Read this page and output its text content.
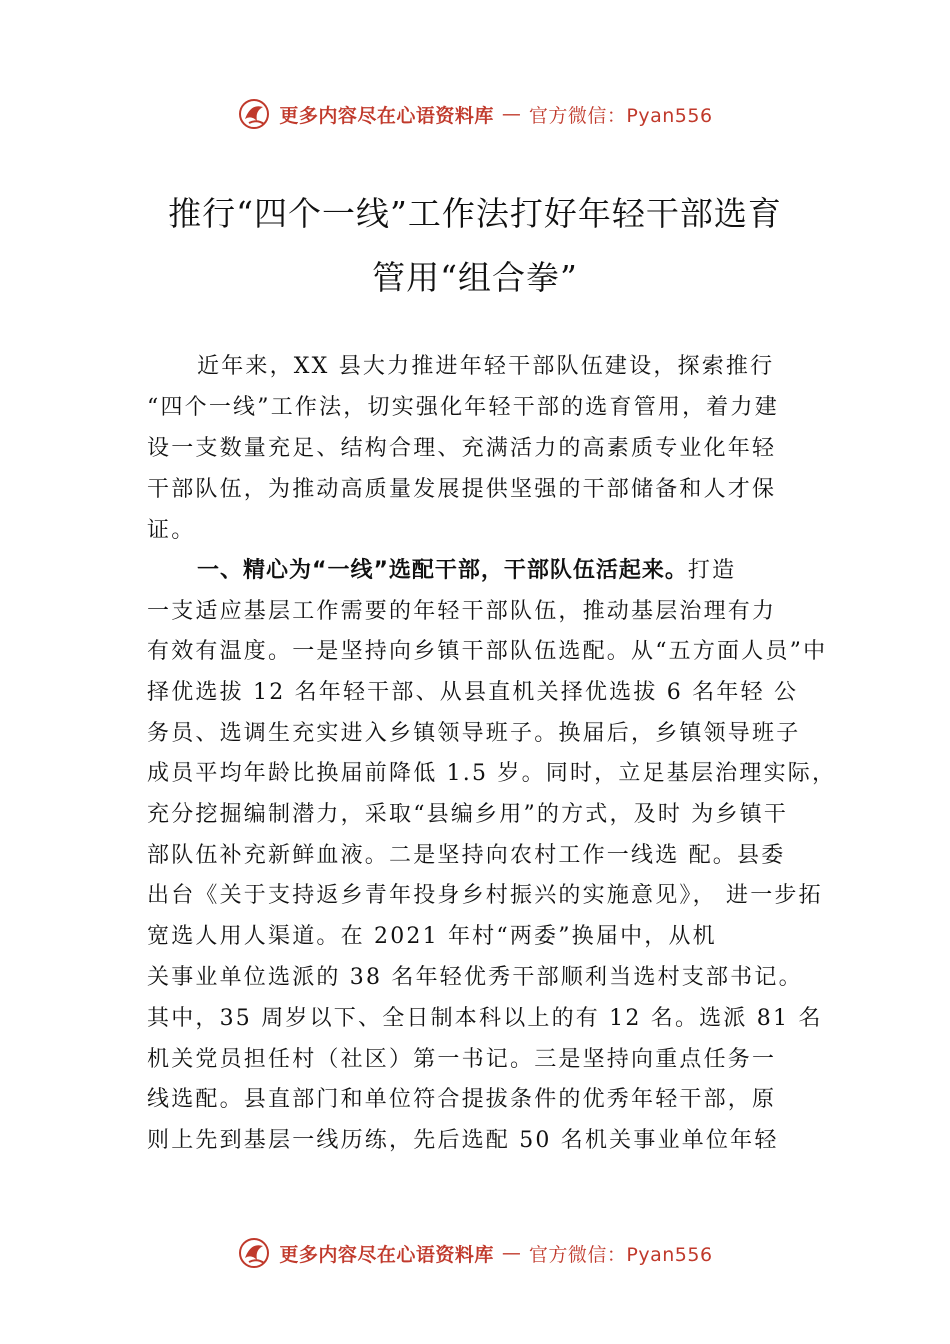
更多内容尽在心语资料库 — 官方微信：Pyan556
推行“四个一线”工作法打好年轻干部选育
管用“组合拳”
近年来，XX 县大力推进年轻干部队伍建设，探索推行
“四个一线”工作法，切实强化年轻干部的选育管用，着力建
设一支数量充足、结构合理、充满活力的高素质专业化年轻
干部队伍，为推动高质量发展提供坚强的干部储备和人才保
证。
一、精心为“一线”选配干部，干部队伍活起来。打造
一支适应基层工作需要的年轻干部队伍，推动基层治理有力
有效有温度。一是坚持向乡镇干部队伍选配。从“五方面人员”中
择优选拔 12 名年轻干部、从县直机关择优选拔 6 名年轻 公
务员、选调生充实进入乡镇领导班子。换届后，乡镇领导班子
成员平均年龄比换届前降低 1.5 岁。同时，立足基层治理实际，
充分挖掘编制潜力，采取“县编乡用”的方式，及时 为乡镇干
部队伍补充新鲜血液。二是坚持向农村工作一线选 配。县委
出台《关于支持返乡青年投身乡村振兴的实施意见》， 进一步拓
宽选人用人渠道。在 2021 年村“两委”换届中，从机
关事业单位选派的 38 名年轻优秀干部顺利当选村支部书记。
其中，35 周岁以下、全日制本科以上的有 12 名。选派 81 名
机关党员担任村（社区）第一书记。三是坚持向重点任务一
线选配。县直部门和单位符合提拔条件的优秀年轻干部，原
则上先到基层一线历练，先后选配 50 名机关事业单位年轻
更多内容尽在心语资料库 — 官方微信：Pyan556
